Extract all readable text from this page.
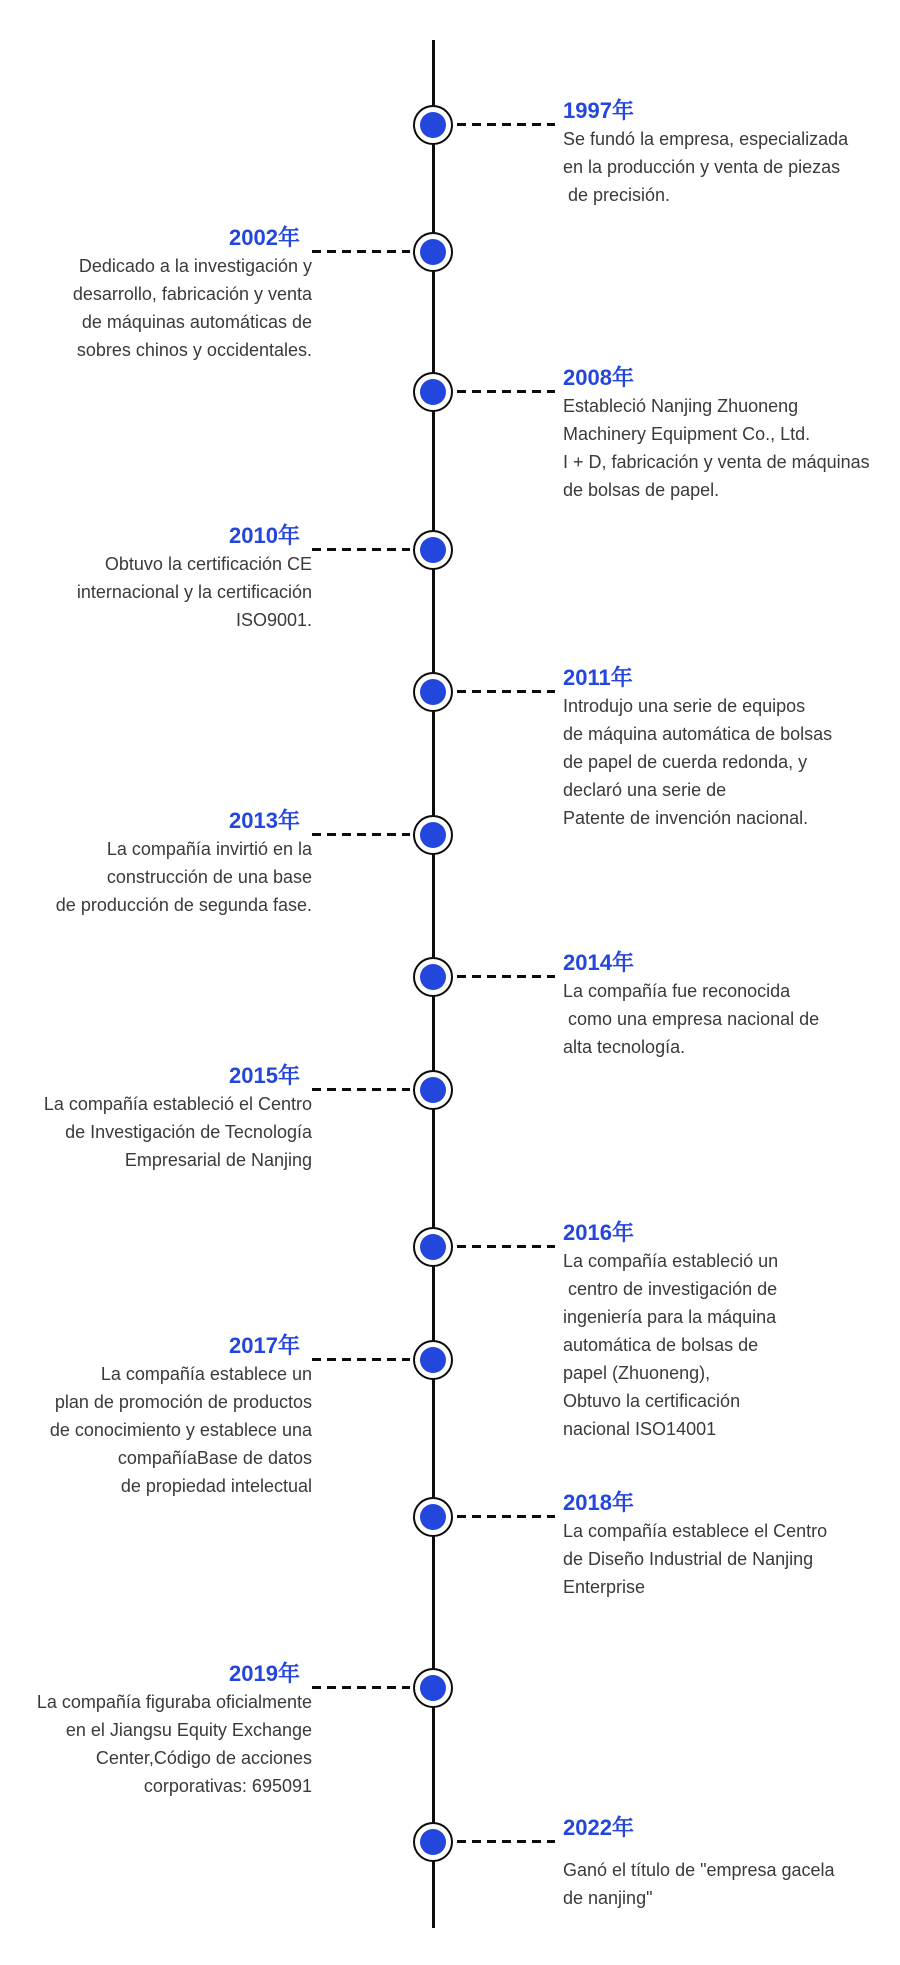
1997年
Se fundó la empresa, especializada
en la producción y venta de piezas
de precisión.
2002年
Dedicado a la investigación y
desarrollo, fabricación y venta
de máquinas automáticas de
sobres chinos y occidentales.
2008年
Estableció Nanjing Zhuoneng
Machinery Equipment Co., Ltd.
I + D, fabricación y venta de máquinas
de bolsas de papel.
2010年
Obtuvo la certificación CE
internacional y la certificación
ISO9001.
2011年
Introdujo una serie de equipos
de máquina automática de bolsas
de papel de cuerda redonda, y
declaró una serie de
Patente de invención nacional.
2013年
La compañía invirtió en la
construcción de una base
de producción de segunda fase.
2014年
La compañía fue reconocida
como una empresa nacional de
alta tecnología.
2015年
La compañía estableció el Centro
de Investigación de Tecnología
Empresarial de Nanjing
2016年
La compañía estableció un
centro de investigación de
ingeniería para la máquina
automática de bolsas de
papel (Zhuoneng),
Obtuvo la certificación
nacional ISO14001
2017年
La compañía establece un
plan de promoción de productos
de conocimiento y establece una
compañíaBase de datos
de propiedad intelectual
2018年
La compañía establece el Centro
de Diseño Industrial de Nanjing
Enterprise
2019年
La compañía figuraba oficialmente
en el Jiangsu Equity Exchange
Center,Código de acciones
corporativas: 695091
2022年
Ganó el título de "empresa gacela
de nanjing"
